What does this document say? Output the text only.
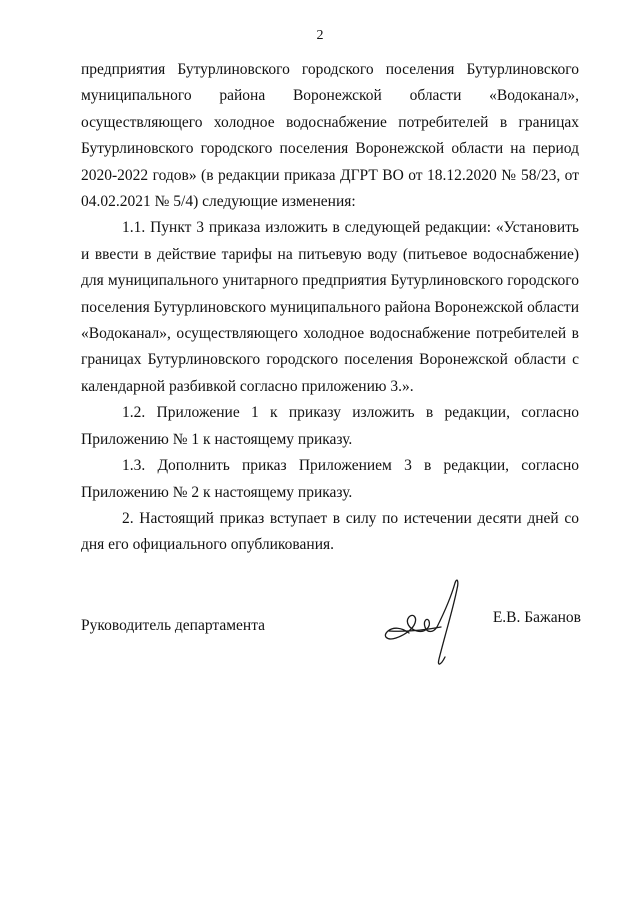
2

предприятия Бутурлиновского городского поселения Бутурлиновского муниципального района Воронежской области «Водоканал», осуществляющего холодное водоснабжение потребителей в границах Бутурлиновского городского поселения Воронежской области на период 2020-2022 годов» (в редакции приказа ДГРТ ВО от 18.12.2020 № 58/23, от 04.02.2021 № 5/4) следующие изменения:

1.1. Пункт 3 приказа изложить в следующей редакции: «Установить и ввести в действие тарифы на питьевую воду (питьевое водоснабжение) для муниципального унитарного предприятия Бутурлиновского городского поселения Бутурлиновского муниципального района Воронежской области «Водоканал», осуществляющего холодное водоснабжение потребителей в границах Бутурлиновского городского поселения Воронежской области с календарной разбивкой согласно приложению 3.».

1.2. Приложение 1 к приказу изложить в редакции, согласно Приложению № 1 к настоящему приказу.

1.3. Дополнить приказ Приложением 3 в редакции, согласно Приложению № 2 к настоящему приказу.

2. Настоящий приказ вступает в силу по истечении десяти дней со дня его официального опубликования.

Руководитель департамента	Е.В. Бажанов
